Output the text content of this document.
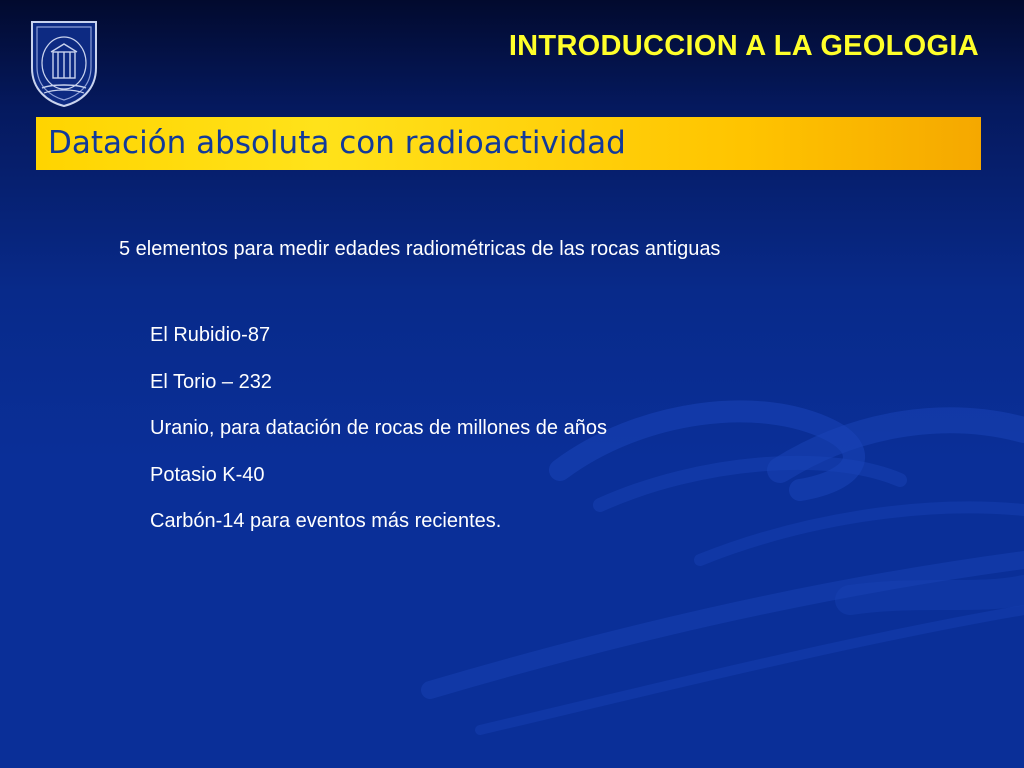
INTRODUCCION A LA GEOLOGIA
Datación absoluta con radioactividad

5 elementos para medir edades radiométricas de las rocas antiguas

El Rubidio-87
El Torio – 232
Uranio, para datación de rocas de millones de años
Potasio K-40
Carbón-14 para eventos más recientes.
